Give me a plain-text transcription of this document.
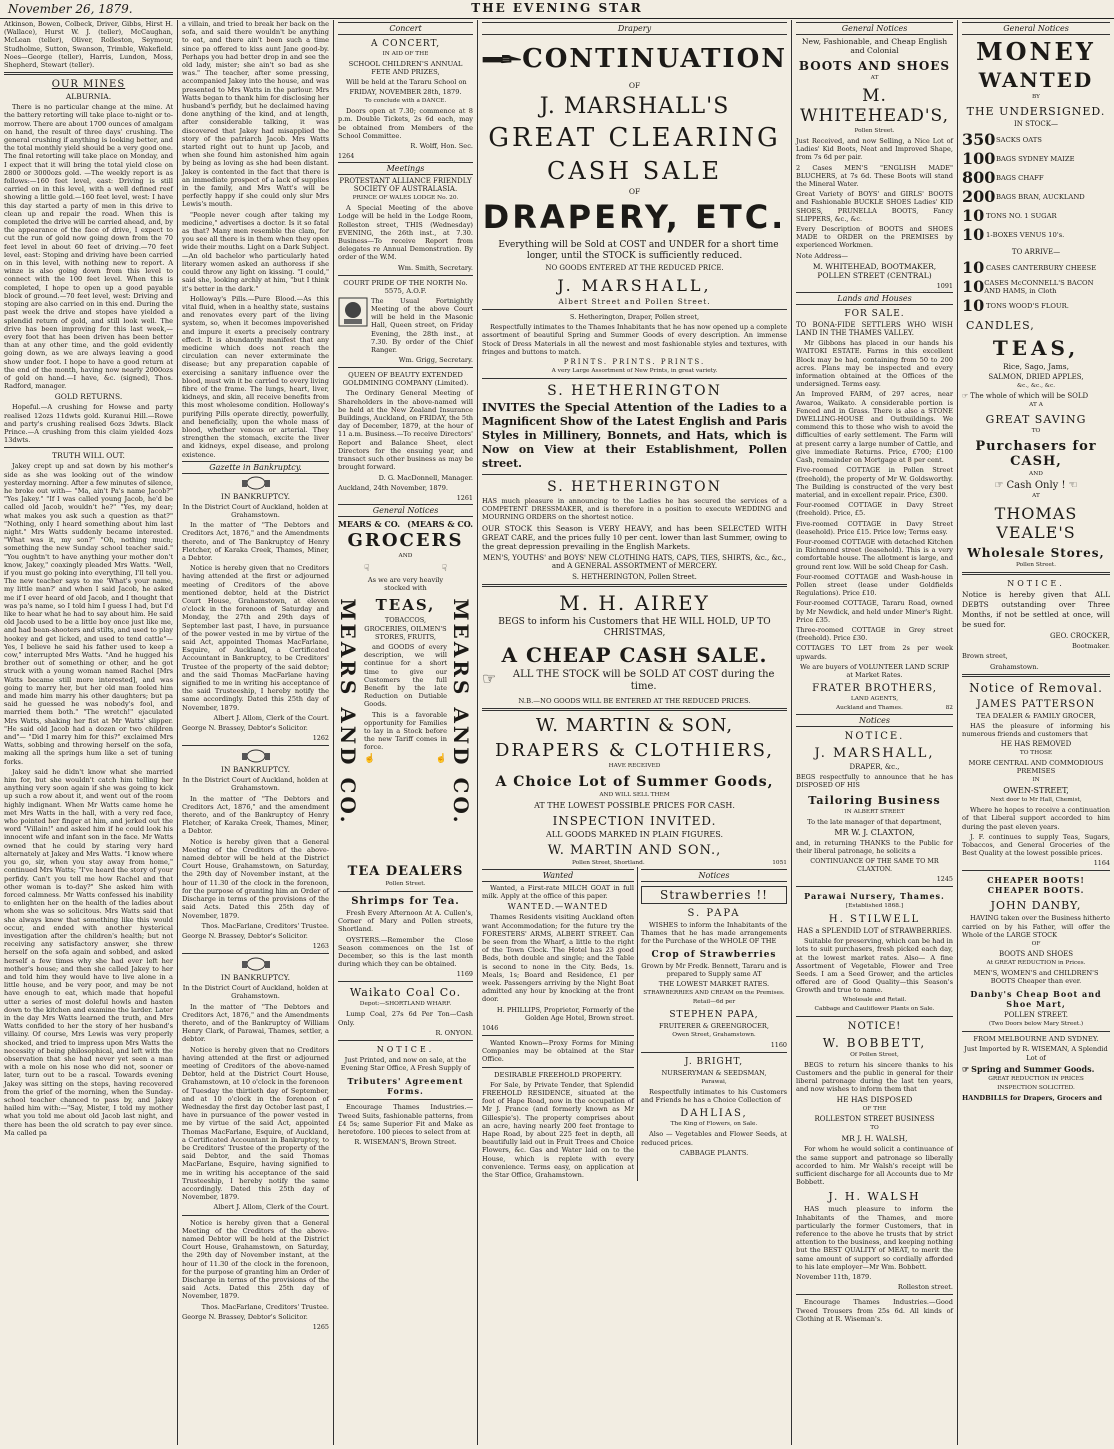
November 26, 1879.	THE EVENING STAR

Atkinson, Bowen, Colbeck, Driver, Gibbs, Hirst H. (Wallace), Hurst W. J. (teller), McCaughan, McLean (teller), Oliver, Rolleston, Seymour, Studholme, Sutton, Swanson, Trimble, Wakefield. Noes—George (teller), Harris, Lundon, Moss, Shepherd, Stewart (teller).

OUR MINES
ALBURNIA.

There is no particular change at the mine. At the battery retorting will take place to-night or to-morrow. There are about 1700 ounces of amalgam on hand, the result of three days' crushing. The general crushing if anything is looking better, and the total monthly yield should be a very good one. The final retorting will take place on Monday, and I expect that it will bring the total yield close on 2800 or 3000ozs gold. —The weekly report is as follows:—160 feet level, east: Driving is still carried on in this level, with a well defined reef showing a little gold.—160 feet level, west: I have this day started a party of men in this drive to clean up and repair the road. When this is completed the drive will be carried ahead, and, by the appearance of the face of drive, I expect to cut the run of gold now going down from the 70 feet level in about 60 feet of driving.—70 feet level, east: Stoping and driving have been carried on in this level, with nothing new to report. A winze is also going down from this level to connect with the 100 feet level. When this is completed, I hope to open up a good payable block of ground.—70 feet level, west: Driving and stoping are also carried on in this end. During the past week the drive and stopes have yielded a splendid return of gold, and still look well. The drive has been improving for this last week,—every foot that has been driven has been better than at any other time, and the gold evidently going down, as we are always leaving a good show under foot. I hope to have a good return at the end of the month, having now nearly 2000ozs of gold on hand.—I have, &c. (signed), Thos. Radford, manager.

GOLD RETURNS.

Hopeful.—A crushing for Howse and party realised 12ozs 11dwts gold. Kuranui Hill.—Rowe and party's crushing realised 6ozs 3dwts. Black Prince.—A crushing from this claim yielded 4ozs 13dwts.

TRUTH WILL OUT.

Jakey crept up and sat down by his mother's side as she was looking out of the window yesterday morning. After a few minutes of silence, he broke out with— "Ma, ain't Pa's name Jacob?" "Yes Jakey." "If I was called young Jacob, he'd be called old Jacob, wouldn't he?" "Yes, my dear; what makes you ask such a question as that?" "Nothing, only I heard something about him last night." Mrs Watts suddenly became interested. "What was it, my son?" "Oh, nothing much; something the new Sunday school teacher said." "You oughtn't to have anything your mother don't know, Jakey," coaxingly pleaded Mrs Watts. "Well, if you must go poking into everything, I'll tell you. The new teacher says to me 'What's your name, my little man?' and when I said Jacob, he asked me if I ever heard of old Jacob, and I thought that was pa's name, so I told him I guess I had, but I'd like to hear what he had to say about him. He said old Jacob used to be a little boy once just like me, and had bean-shooters and stilts, and used to play hookey and get licked, and used to tend cattle"— Yes, I believe he said his father used to keep a cow," interrupted Mrs Watts. "And he hugged his brother out of something or other, and he got struck with a young woman named Rachel [Mrs Watts became still more interested], and was going to marry her, but her old man fooled him and made him marry his other daughters; but pa said he guessed he was nobody's fool, and married them both." "The wretch!" ejaculated Mrs Watts, shaking her fist at Mr Watts' slipper. "He said old Jacob had a dozen or two children and"— "Did I marry him for this?" exclaimed Mrs Watts, sobbing and throwing herself on the sofa, making all the springs hum like a set of tuning forks.

Jakey said he didn't know what she married him for, but she wouldn't catch him telling her anything very soon again if she was going to kick up such a row about it, and went out of the room highly indignant. When Mr Watts came home he met Mrs Watts in the hall, with a very red face, who pointed her finger at him, and jerked out the word "Villain!" and asked him if he could look his innocent wife and infant son in the face. Mr Watts owned that he could by staring very hard alternately at Jakey and Mrs Watts. "I know where you go, sir, when you stay away from home," continued Mrs Watts; "I've heard the story of your perfidy. Can't you tell me how Rachel and that other woman is to-day?" She asked him with forced calmness. Mr Watts confessed his inability to enlighten her on the health of the ladies about whom she was so solicitous. Mrs Watts said that she always knew that something like this would occur, and ended with another hysterical investigation after the children's health; but not receiving any satisfactory answer, she threw herself on the sofa again and sobbed, and asked herself a few times why she had ever left her mother's house; and then she called Jakey to her and told him they would have to live alone in a little house, and be very poor, and may be not have enough to eat, which made that hopeful utter a series of most doleful howls and hasten down to the kitchen and examine the larder. Later in the day Mrs Watts learned the truth, and Mrs Watts confided to her the story of her husband's villainy. Of course, Mrs Lewis was very properly shocked, and tried to impress upon Mrs Watts the necessity of being philosophical, and left with the observation that she had never yet seen a man with a mole on his nose who did not, sooner or later, turn out to be a rascal. Towards evening Jakey was sitting on the steps, having recovered from the grief of the morning, when the Sunday-school teacher chanced to pass by, and Jakey hailed him with:—"Say, Mister, I told my mother what you told me about old Jacob last night, and there has been the old scratch to pay ever since. Ma called pa

a villain, and tried to break her back on the sofa, and said there wouldn't be anything to eat, and there ain't been such a time since pa offered to kiss aunt Jane good-by. Perhaps you had better drop in and see the old lady, mister; she ain't so bad as she was." The teacher, after some pressing, accompanied Jakey into the house, and was presented to Mrs Watts in the parlour. Mrs Watts began to thank him for disclosing her husband's perfidy, but he declaimed having done anything of the kind, and at length, after considerable talking, it was discovered that Jakey had misapplied the story of the patriarch Jacob. Mrs Watts started right out to hunt up Jacob, and when she found him astonished him again by being as loving as she had been distant. Jakey is contented in the fact that there is an immediate prospect of a lack of supplies in the family, and Mrs Watt's will be perfectly happy if she could only slur Mrs Lewis's mouth.

"People never cough after taking my medicine," advertises a doctor. Is it so fatal as that? Many men resemble the clam, for you see all there is in them when they open wide their mouths. Light on a Dark Subject.—An old bachelor who particularly hated literary women asked an authoress if she could throw any light on kissing. "I could," said she, looking archly at him, "but I think it's better in the dark."

Holloway's Pills.—Pure Blood.—As this vital fluid, when in a healthy state, sustains and renovates every part of the living system, so, when it becomes impoverished and impure it exerts a precisely contrary effect. It is abundantly manifest that any medicine which does not reach the circulation can never exterminate the disease; but any preparation capable of exercising a sanitary influence over the blood, must win it be carried to every living fibre of the frame. The lungs, heart, liver, kidneys, and skin, all receive benefits from this most wholesome condition. Holloway's purifying Pills operate directly, powerfully, and beneficially, upon the whole mass of blood, whether venous or arterial. They strengthen the stomach, excite the liver and kidneys, expel disease, and prolong existence.

Gazette in Bankruptcy.
IN BANKRUPTCY.

In the District Court of Auckland, holden at Grahamstown.

In the matter of "The Debtors and Creditors Act, 1876," and the Amendments thereto, and of The Bankruptcy of Henry Fletcher, of Karaka Creek, Thames, Miner, a Debtor.

Notice is hereby given that no Creditors having attended at the first or adjourned meeting of Creditors of the above mentioned debtor, held at the District Court House, Grahamstown, at eleven o'clock in the forenoon of Saturday and Monday, the 27th and 29th days of September last past, I have, in pursuance of the power vested in me by virtue of the said Act, appointed Thomas MacFarlane, Esquire, of Auckland, a Certificated Accountant in Bankruptcy, to be Creditors' Trustee of the property of the said debtor; and the said Thomas MacFarlane having signified to me in writing his acceptance of the said Trusteeship, I hereby notify the same accordingly. Dated this 25th day of November, 1879.

Albert J. Allom, Clerk of the Court.

George N. Brassey, Debtor's Solicitor.

1262
IN BANKRUPTCY.

In the District Court of Auckland, holden at Grahamstown.

In the matter of "The Debtors and Creditors Act, 1876," and the amendment thereto, and of the Bankruptcy of Henry Fletcher, of Karaka Creek, Thames, Miner, a Debtor.

Notice is hereby given that a General Meeting of the Creditors of the above-named debtor will be held at the District Court House, Grahamstown, on Saturday, the 29th day of November instant, at the hour of 11.30 of the clock in the forenoon, for the purpose of granting him an Order of Discharge in terms of the provisions of the said Acts. Dated this 25th day of November, 1879.

Thos. MacFarlane, Creditors' Trustee.

George N. Brassey, Debtor's Solicitor.

1263
IN BANKRUPTCY.

In the District Court of Auckland, holden at Grahamstown.

In the matter of "The Debtors and Creditors Act, 1876," and the Amendments thereto, and of the Bankruptcy of William Henry Clark, of Parawai, Thames, settler, a debtor.

Notice is hereby given that no Creditors having attended at the first or adjourned meeting of Creditors of the above-named Debtor, held at the District Court House, Grahamstown, at 10 o'clock in the forenoon of Tuesday the thirtieth day of September, and at 10 o'clock in the forenoon of Wednesday the first day October last past, I have in pursuance of the power vested in me by virtue of the said Act, appointed Thomas MacFarlane, Esquire, of Auckland, a Certificated Accountant in Bankruptcy, to be Creditors' Trustee of the property of the said Debtor, and the said Thomas MacFarlane, Esquire, having signified to me in writing his acceptance of the said Trusteeship, I hereby notify the same accordingly. Dated this 25th day of November, 1879.

Albert J. Allom, Clerk of the Court.

Notice is hereby given that a General Meeting of the Creditors of the above-named Debtor will be held at the District Court House, Grahamstown, on Saturday, the 29th day of November instant, at the hour of 11.30 of the clock in the forenoon, for the purpose of granting him an Order of Discharge in terms of the provisions of the said Acts. Dated this 25th day of November, 1879.

Thos. MacFarlane, Creditors' Trustee.

George N. Brassey, Debtor's Solicitor.

1265
Concert
A CONCERT,
IN AID OF THE
SCHOOL CHILDREN'S ANNUAL FETE AND PRIZES,

Will be held at the Tararu School on

FRIDAY, NOVEMBER 28th, 1879.
To conclude with a DANCE.

Doors open at 7.30; commence at 8 p.m. Double Tickets, 2s 6d each, may be obtained from Members of the School Committee.

R. Wolff, Hon. Sec.

1264
Meetings
PROTESTANT ALLIANCE FRIENDLY SOCIETY OF AUSTRALASIA.
PRINCE OF WALES LODGE No. 20.

A Special Meeting of the above Lodge will be held in the Lodge Room, Rolleston street, THIS (Wednesday) EVENING, the 26th inst., at 7.30. Business—To receive Report from delegates re Annual Demonstration. By order of the W.M.

Wm. Smith, Secretary.

COURT PRIDE OF THE NORTH No. 5575, A.O.F.

The Usual Fortnightly Meeting of the above Court will be held in the Masonic Hall, Queen street, on Friday Evening, the 28th inst., at 7.30. By order of the Chief Ranger.

Wm. Grigg, Secretary.

QUEEN OF BEAUTY EXTENDED GOLDMINING COMPANY (Limited).

The Ordinary General Meeting of Shareholders in the above-named will be held at the New Zealand Insurance Buildings, Auckland, on FRIDAY, the 5th day of December, 1879, at the hour of 11 a.m. Business.—To receive Directors' Report and Balance Sheet, elect Directors for the ensuing year, and transact such other business as may be brought forward.

D. G. MacDonnell, Manager.

Auckland, 24th November, 1879.

1261
General Notices
MEARS & CO. (MEARS & CO.
GROCERS
AND
MEARS AND CO.	MEARS AND CO.
☟	☟

As we are very heavily stocked with

TEAS,

TOBACCOS, GROCERIES, OILMEN'S STORES, FRUITS,

and GOODS of every description, we will continue for a short time to give our Customers the full Benefit by the late Reduction on Dutiable Goods.

This is a favorable opportunity for Families to lay in a Stock before the new Tariff comes in force.

☝	☝
TEA DEALERS
Pollen Street.
Shrimps for Tea.

Fresh Every Afternoon At A. Cullen's, Corner of Mary and Pollen streets, Shortland.

OYSTERS.—Remember the Close Season commences on the 1st of December, so this is the last month during which they can be obtained.

1169
Waikato Coal Co.
Depot:—SHORTLAND WHARF.

Lump Coal, 27s 6d Per Ton—Cash Only.

R. ONYON.

NOTICE.

Just Printed, and now on sale, at the Evening Star Office, A Fresh Supply of

Tributers' Agreement Forms.

Encourage Thames Industries.—Tweed Suits, fashionable patterns, from £4 5s; same Superior Fit and Make as heretofore. 100 pieces to select from at

R. WISEMAN'S, Brown Street.

Drapery
CONTINUATION
OF
J. MARSHALL'S
GREAT CLEARING
CASH SALE
OF
DRAPERY, ETC.

Everything will be Sold at COST and UNDER for a short time longer, until the STOCK is sufficiently reduced.

NO GOODS ENTERED AT THE REDUCED PRICE.
J. MARSHALL,
Albert Street and Pollen Street.

S. Hetherington, Draper, Pollen street,

Respectfully intimates to the Thames Inhabitants that he has now opened up a complete assortment of beautiful Spring and Summer Goods of every description. An immense Stock of Dress Materials in all the newest and most fashionable styles and textures, with fringes and buttons to match.

PRINTS. PRINTS. PRINTS.
A very Large Assortment of New Prints, in great variety.
S. HETHERINGTON

INVITES the Special Attention of the Ladies to a Magnificent Show of the Latest English and Paris Styles in Millinery, Bonnets, and Hats, which is Now on View at their Establishment, Pollen street.

S. HETHERINGTON

HAS much pleasure in announcing to the Ladies he has secured the services of a COMPETENT DRESSMAKER, and is therefore in a position to execute WEDDING and MOURNING ORDERS on the shortest notice.

OUR STOCK this Season is VERY HEAVY, and has been SELECTED WITH GREAT CARE, and the prices fully 10 per cent. lower than last Summer, owing to the great depression prevailing in the English Markets.

MEN'S, YOUTHS' and BOYS' NEW CLOTHING HATS, CAPS, TIES, SHIRTS, &c., &c., and A GENERAL ASSORTMENT of MERCERY.

S. HETHERINGTON, Pollen Street.
M. H. AIREY

BEGS to inform his Customers that HE WILL HOLD, UP TO CHRISTMAS,

A CHEAP CASH SALE.
☞	ALL THE STOCK will be SOLD AT COST during the time.

N.B.—NO GOODS WILL BE ENTERED AT THE REDUCED PRICES.
W. MARTIN & SON,
DRAPERS & CLOTHIERS,
HAVE RECEIVED
A Choice Lot of Summer Goods,
AND WILL SELL THEM
AT THE LOWEST POSSIBLE PRICES FOR CASH.
INSPECTION INVITED.
ALL GOODS MARKED IN PLAIN FIGURES.
W. MARTIN AND SON.,
Pollen Street, Shortland.	1051
Wanted

Wanted, a First-rate MILCH GOAT in full milk. Apply at the office of this paper.

WANTED.—WANTED

Thames Residents visiting Auckland often want Accommodation; for the future try the FORESTERS' ARMS, ALBERT STREET. Can be seen from the Wharf, a little to the right of the Town Clock. The Hotel has 23 good Beds, both double and single; and the Table is second to none in the City. Beds, 1s. Meals, 1s; Board and Residence, £1 per week. Passengers arriving by the Night Boat admitted any hour by knocking at the front door.

H. PHILLIPS, Proprietor, Formerly of the Golden Age Hotel, Brown street.

1046

Wanted Known—Proxy Forms for Mining Companies may be obtained at the Star Office.

DESIRABLE FREEHOLD PROPERTY.

For Sale, by Private Tender, that Splendid FREEHOLD RESIDENCE, situated at the foot of Hape Road, now in the occupation of Mr J. Prance (and formerly known as Mr Gillespie's). The property comprises about an acre, having nearly 200 feet frontage to Hape Road, by about 225 feet in depth, all beautifully laid out in Fruit Trees and Choice Flowers, &c. Gas and Water laid on to the House, which is replete with every convenience. Terms easy, on application at the Star Office, Grahamstown.

Notices
Strawberries !!
S. PAPA

WISHES to inform the Inhabitants of the Thames that he has made arrangements for the Purchase of the WHOLE OF THE

Crop of Strawberries

Grown by Mr Fredk. Bennett, Tararu and is prepared to Supply same AT

THE LOWEST MARKET RATES.
STRAWBERRIES AND CREAM on the Premises.
Retail—6d per
STEPHEN PAPA,
FRUITERER & GREENGROCER,
Owen Street, Grahamstown.
1160
J. BRIGHT,
NURSERYMAN & SEEDSMAN,
Parawai,

Respectfully intimates to his Customers and Friends he has a Choice Collection of

DAHLIAS,
The King of Flowers, on Sale.

Also — Vegetables and Flower Seeds, at reduced prices.

CABBAGE PLANTS.
General Notices

New, Fashionable, and Cheap English and Colonial

BOOTS AND SHOES
AT
M. WHITEHEAD'S,
Pollen Street.

Just Received, and now Selling, a Nice Lot of Ladies' Kid Boots, Neat and Improved Shape, from 7s 6d per pair.

2 Cases MEN'S "ENGLISH MADE" BLUCHERS, at 7s 6d. These Boots will stand the Mineral Water.

Great Variety of BOYS' and GIRLS' BOOTS and Fashionable BUCKLE SHOES Ladies' KID SHOES, PRUNELLA BOOTS, Fancy SLIPPERS, &c., &c.

Every Description of BOOTS and SHOES MADE to ORDER on the PREMISES by experienced Workmen.

Note Address—

M. WHITEHEAD, BOOTMAKER, POLLEN STREET (CENTRAL)
1091
Lands and Houses
FOR SALE.

TO BONA-FIDE SETTLERS WHO WISH LAND IN THE THAMES VALLEY.

Mr Gibbons has placed in our hands his WAITOKI ESTATE. Farms in this excellent Block may be had, containing from 50 to 200 acres. Plans may be inspected and every information obtained at the Offices of the undersigned. Terms easy.

An Improved FARM, of 297 acres, near Awaroa, Waikato. A considerable portion is Fenced and in Grass. There is also a STONE DWELLING-HOUSE and Outbuildings. We commend this to those who wish to avoid the difficulties of early settlement. The Farm will at present carry a large number of Cattle, and give immediate Returns. Price, £700; £100 Cash, remainder on Mortgage at 8 per cent.

Five-roomed COTTAGE in Pollen Street (freehold), the property of Mr W. Goldsworthy. The Building is constructed of the very best material, and in excellent repair. Price, £300.

Four-roomed COTTAGE in Davy Street (freehold). Price, £5.

Five-roomed COTTAGE in Davy Street (leasehold). Price £15. Price low; Terms easy.

Four-roomed COTTAGE with detached Kitchen in Richmond street (leasehold). This is a very comfortable house. The allotment is large, and ground rent low. Will be sold Cheap for Cash.

Four-roomed COTTAGE and Wash-house in Pollen street (lease under Goldfields Regulations). Price £10.

Four-roomed COTTAGE, Tararu Road, owned by Mr Newdick, and held under Miner's Right. Price £35.

Three-roomed COTTAGE in Grey street (freehold). Price £30.

COTTAGES TO LET from 2s per week upwards.

We are buyers of VOLUNTEER LAND SCRIP at Market Rates.

FRATER BROTHERS,
LAND AGENTS,
Auckland and Thames.	82
Notices
NOTICE.
J. MARSHALL,
DRAPER, &c.,

BEGS respectfully to announce that he has DISPOSED OF HIS

Tailoring Business
IN ALBERT STREET

To the late manager of that department,

MR W. J. CLAXTON,

and, in returning THANKS to the Public for their liberal patronage, he solicits a

CONTINUANCE OF THE SAME TO MR CLAXTON.
1245
Parawai Nursery, Thames.
[Established 1868.]
H. STILWELL
HAS a SPLENDID LOT of STRAWBERRIES.

Suitable for preserving, which can be had in lots to suit purchasers, fresh picked each day, at the lowest market rates. Also— A fine Assortment of Vegetable, Flower and Tree Seeds. I am a Seed Grower, and the articles offered are of Good Quality—this Season's Growth and true to name.

Wholesale and Retail.
Cabbage and Cauliflower Plants on Sale.
NOTICE!
W. BOBBETT,
Of Pollen Street,

BEGS to return his sincere thanks to his Customers and the public in general for their liberal patronage during the last ten years, and now wishes to inform them that

HE HAS DISPOSED
OF THE
ROLLESTON STREET BUSINESS
TO
MR J. H. WALSH,

For whom he would solicit a continuance of the same support and patronage so liberally accorded to him. Mr Walsh's receipt will be sufficient discharge for all Accounts due to Mr Bobbett.

J. H. WALSH

HAS much pleasure to inform the Inhabitants of the Thames, and more particularly the former Customers, that in reference to the above he trusts that by strict attention to the business, and keeping nothing but the BEST QUALITY of MEAT, to merit the same amount of support so cordially afforded to his late employer—Mr Wm. Bobbett.

November 11th, 1879.

Rolleston street.

Encourage Thames Industries.—Good Tweed Trousers from 25s 6d. All kinds of Clothing at R. Wiseman's.

General Notices
MONEY
WANTED
BY
THE UNDERSIGNED.
IN STOCK—
350 SACKS OATS
100 BAGS SYDNEY MAIZE
800 BAGS CHAFF
200 BAGS BRAN, AUCKLAND
10 TONS NO. 1 SUGAR
10 1-BOXES VENUS 10's.
TO ARRIVE—
10 CASES CANTERBURY CHEESE
10 CASES McCONNELL'S BACON AND HAMS, in Cloth
10 TONS WOOD'S FLOUR.
CANDLES,
TEAS,
Rice, Sago, Jams,
SALMON, DRIED APPLES,
&c., &c., &c.
☞ The whole of which will be SOLD
AT A
GREAT SAVING
TO
Purchasers for CASH,
AND
☞ Cash Only ! ☜
AT
THOMAS VEALE'S
Wholesale Stores,
Pollen Street.
NOTICE.

Notice is hereby given that ALL DEBTS outstanding over Three Months, if not be settled at once, will be sued for.

GEO. CROCKER,

Bootmaker.

Brown street,

Grahamstown.

Notice of Removal.
JAMES PATTERSON
TEA DEALER & FAMILY GROCER,

HAS the pleasure of informing his numerous friends and customers that

HE HAS REMOVED
TO THOSE
MORE CENTRAL AND COMMODIOUS PREMISES
IN
OWEN-STREET,
Next door to Mr Hall, Chemist,

Where he hopes to receive a continuation of that Liberal support accorded to him during the past eleven years.

J. F. continues to supply Teas, Sugars, Tobaccos, and General Groceries of the Best Quality at the lowest possible prices.

1164
CHEAPER BOOTS! CHEAPER BOOTS.
JOHN DANBY,

HAVING taken over the Business hitherto carried on by his Father, will offer the Whole of the LARGE STOCK

OF
BOOTS AND SHOES
At GREAT REDUCTION in Prices.

MEN'S, WOMEN'S and CHILDREN'S BOOTS Cheaper than ever.

Danby's Cheap Boot and Shoe Mart,
POLLEN STREET.
(Two Doors below Mary Street.)
FROM MELBOURNE AND SYDNEY.

Just Imported by R. WISEMAN, A Splendid Lot of

☞ Spring and Summer Goods.
GREAT REDUCTION IN PRICES
INSPECTION SOLICITED.

HANDBILLS for Drapers, Grocers and
